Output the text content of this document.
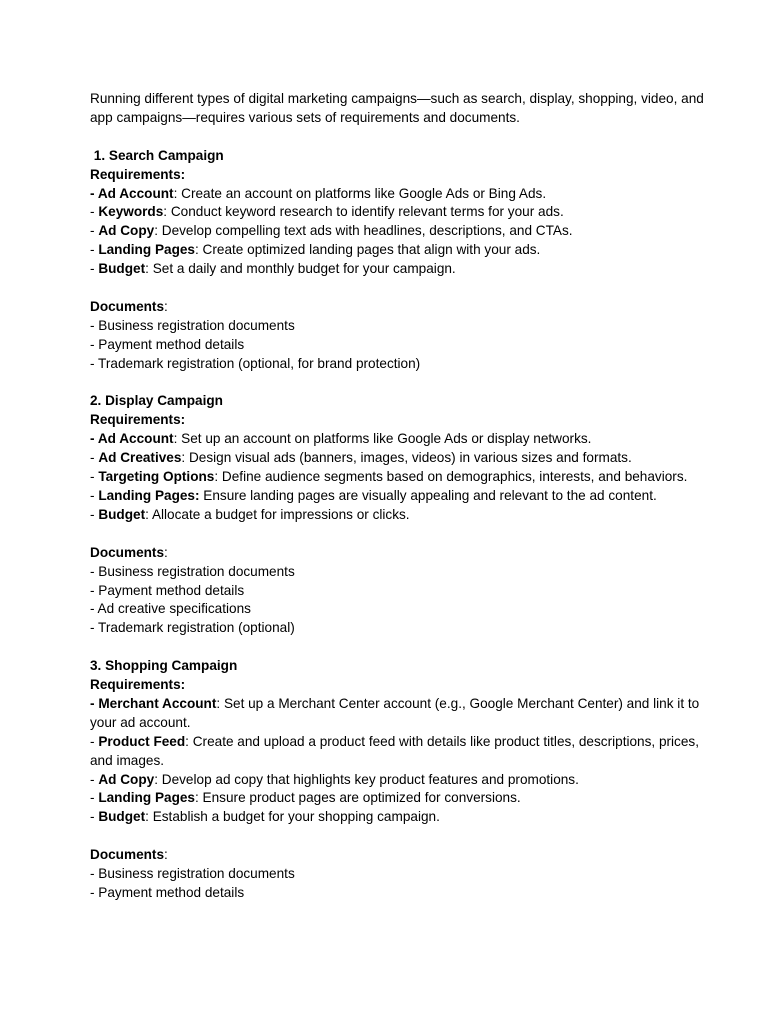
Running different types of digital marketing campaigns—such as search, display, shopping, video, and app campaigns—requires various sets of requirements and documents.

1. Search Campaign
Requirements:
- Ad Account: Create an account on platforms like Google Ads or Bing Ads.
- Keywords: Conduct keyword research to identify relevant terms for your ads.
- Ad Copy: Develop compelling text ads with headlines, descriptions, and CTAs.
- Landing Pages: Create optimized landing pages that align with your ads.
- Budget: Set a daily and monthly budget for your campaign.
Documents:
- Business registration documents
- Payment method details
- Trademark registration (optional, for brand protection)
2. Display Campaign
Requirements:
- Ad Account: Set up an account on platforms like Google Ads or display networks.
- Ad Creatives: Design visual ads (banners, images, videos) in various sizes and formats.
- Targeting Options: Define audience segments based on demographics, interests, and behaviors.
- Landing Pages: Ensure landing pages are visually appealing and relevant to the ad content.
- Budget: Allocate a budget for impressions or clicks.
Documents:
- Business registration documents
- Payment method details
- Ad creative specifications
- Trademark registration (optional)
3. Shopping Campaign
Requirements:
- Merchant Account: Set up a Merchant Center account (e.g., Google Merchant Center) and link it to your ad account.
- Product Feed: Create and upload a product feed with details like product titles, descriptions, prices, and images.
- Ad Copy: Develop ad copy that highlights key product features and promotions.
- Landing Pages: Ensure product pages are optimized for conversions.
- Budget: Establish a budget for your shopping campaign.
Documents:
- Business registration documents
- Payment method details
